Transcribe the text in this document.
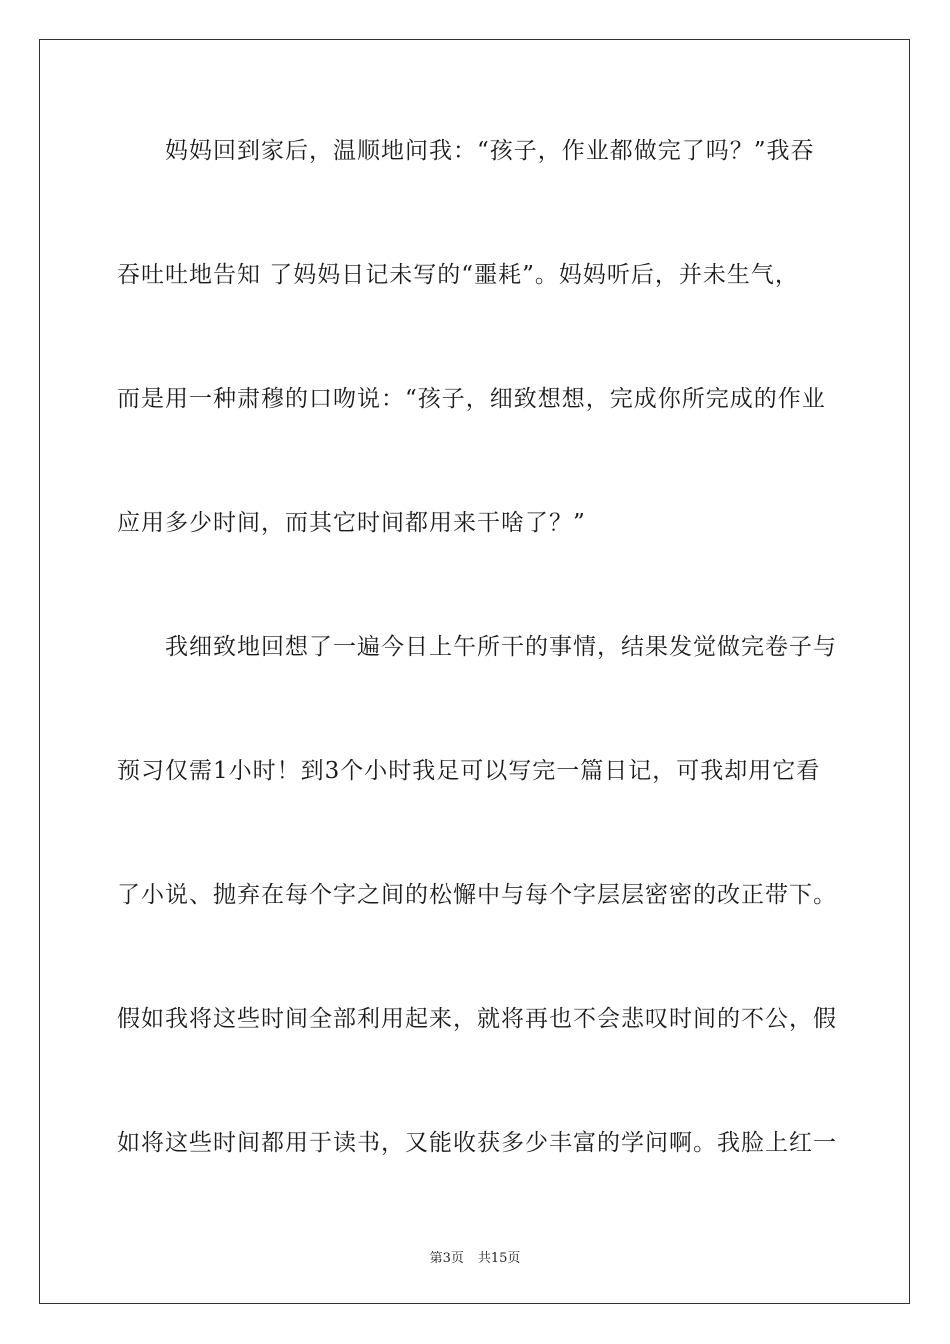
妈妈回到家后，温顺地问我：“孩子，作业都做完了吗？”我吞
吞吐吐地告知 了妈妈日记未写的“噩耗”。妈妈听后，并未生气，
而是用一种肃穆的口吻说：“孩子，细致想想，完成你所完成的作业
应用多少时间，而其它时间都用来干啥了？”
我细致地回想了一遍今日上午所干的事情，结果发觉做完卷子与
预习仅需1小时！到3个小时我足可以写完一篇日记，可我却用它看
了小说、抛弃在每个字之间的松懈中与每个字层层密密的改正带下。
假如我将这些时间全部利用起来，就将再也不会悲叹时间的不公，假
如将这些时间都用于读书，又能收获多少丰富的学问啊。我脸上红一
第3页 共15页
